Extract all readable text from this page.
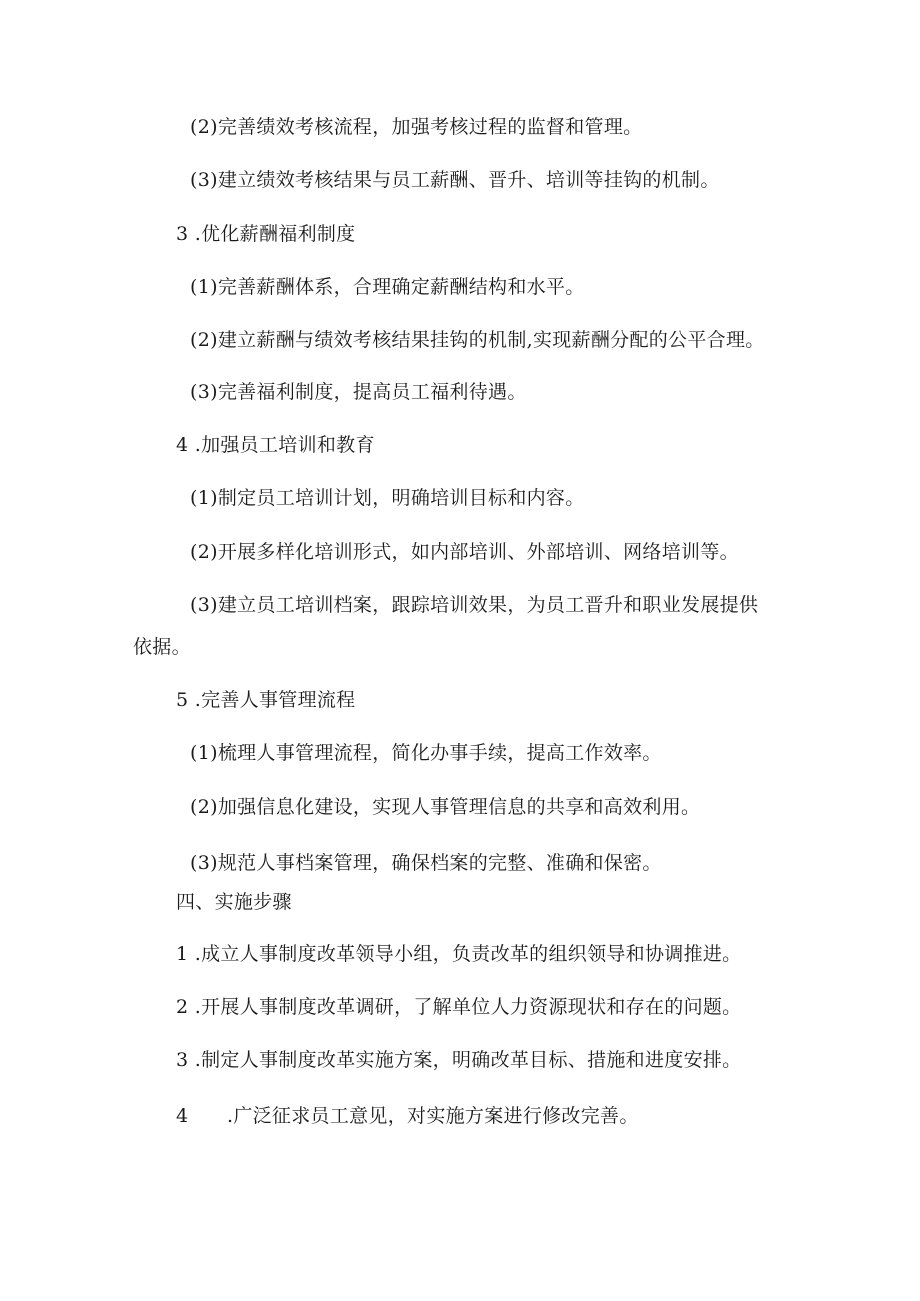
(2)完善绩效考核流程，加强考核过程的监督和管理。
(3)建立绩效考核结果与员工薪酬、晋升、培训等挂钩的机制。
3 .优化薪酬福利制度
(1)完善薪酬体系，合理确定薪酬结构和水平。
(2)建立薪酬与绩效考核结果挂钩的机制,实现薪酬分配的公平合理。
(3)完善福利制度，提高员工福利待遇。
4 .加强员工培训和教育
(1)制定员工培训计划，明确培训目标和内容。
(2)开展多样化培训形式，如内部培训、外部培训、网络培训等。
(3)建立员工培训档案，跟踪培训效果，为员工晋升和职业发展提供
依据。
5 .完善人事管理流程
(1)梳理人事管理流程，简化办事手续，提高工作效率。
(2)加强信息化建设，实现人事管理信息的共享和高效利用。
(3)规范人事档案管理，确保档案的完整、准确和保密。
四、实施步骤
1 .成立人事制度改革领导小组，负责改革的组织领导和协调推进。
2 .开展人事制度改革调研，了解单位人力资源现状和存在的问题。
3 .制定人事制度改革实施方案，明确改革目标、措施和进度安排。
4  .广泛征求员工意见，对实施方案进行修改完善。
